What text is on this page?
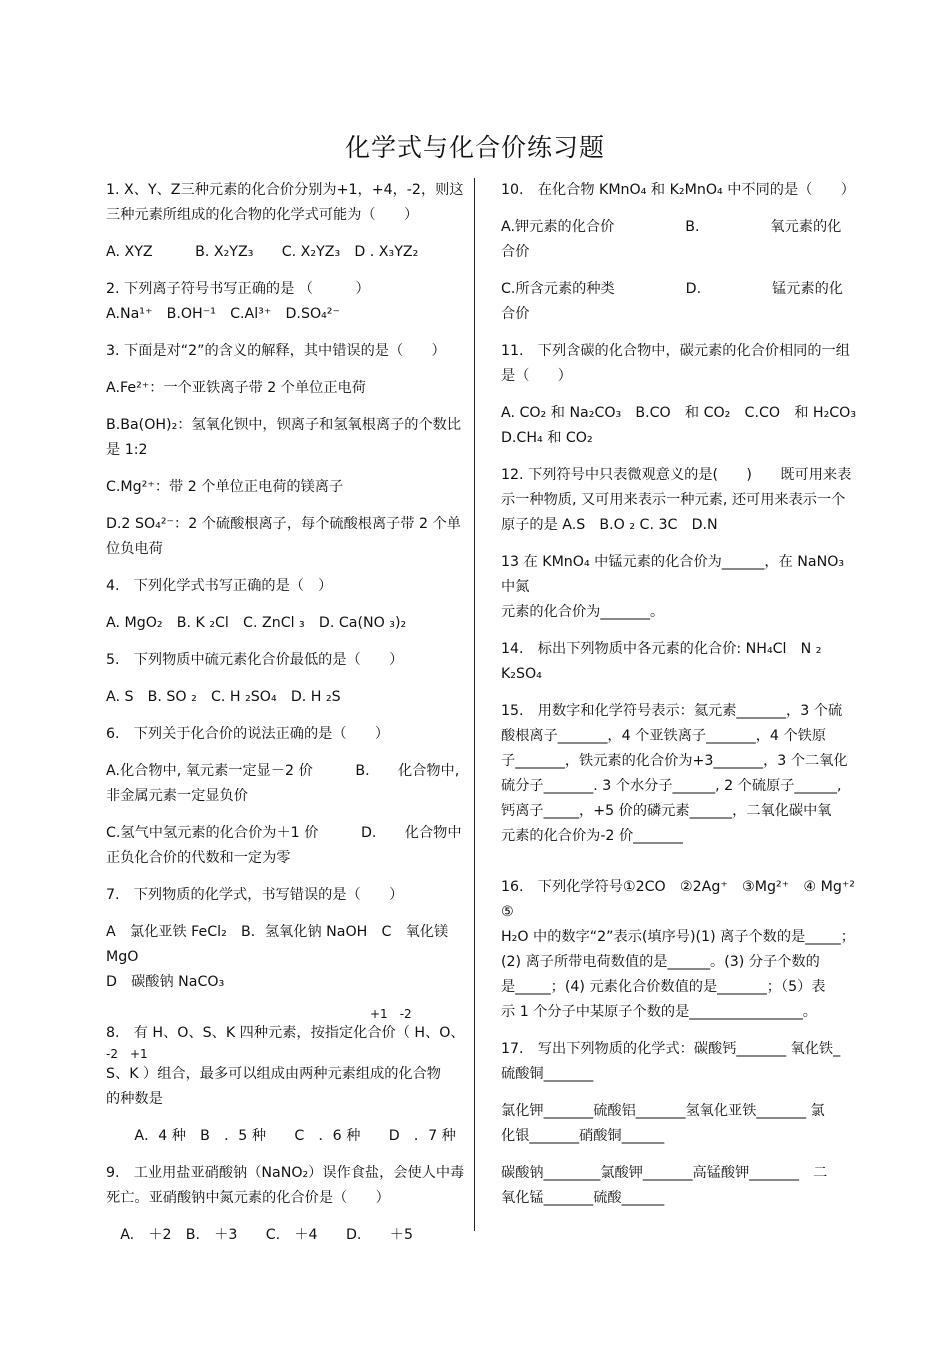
化学式与化合价练习题
1. X、Y、Z三种元素的化合价分别为+1，+4，-2，则这
三种元素所组成的化合物的化学式可能为（　　）
A. XYZ　　　B. X₂YZ₃　　C. X₂YZ₃　D . X₃YZ₂
2. 下列离子符号书写正确的是 （　　　）
A.Na¹⁺　B.OH⁻¹　C.Al³⁺　D.SO₄²⁻
3. 下面是对“2”的含义的解释，其中错误的是（　　）
A.Fe²⁺：一个亚铁离子带 2 个单位正电荷
B.Ba(OH)₂：氢氧化钡中，钡离子和氢氧根离子的个数比
是 1:2
C.Mg²⁺：带 2 个单位正电荷的镁离子
D.2 SO₄²⁻：2 个硫酸根离子，每个硫酸根离子带 2 个单
位负电荷
4.　下列化学式书写正确的是（　）
A. MgO₂　B. K ₂Cl　C. ZnCl ₃　D. Ca(NO ₃)₂
5.　下列物质中硫元素化合价最低的是（　　）
A. S　B. SO ₂　C. H ₂SO₄　D. H ₂S
6.　下列关于化合价的说法正确的是（　　）
A.化合物中, 氧元素一定显－2 价　　　B.　　化合物中,
非金属元素一定显负价
C.氢气中氢元素的化合价为＋1 价　　　D.　　化合物中
正负化合价的代数和一定为零
7.　下列物质的化学式，书写错误的是（　　）
A　氯化亚铁 FeCl₂　B．氢氧化钠 NaOH　C　氧化镁 MgO
D　碳酸钠 NaCO₃
　　　　　　　　　　　　　　　　　　　　　　+1　-2
8.　有 H、O、S、K 四种元素，按指定化合价（ H、O、
-2　+1
S、K ）组合，最多可以组成由两种元素组成的化合物
的种数是
　　A．4 种　B　．5 种　　C　．6 种　　D　．7 种
9.　工业用盐亚硝酸钠（NaNO₂）误作食盐，会使人中毒
死亡。亚硝酸钠中氮元素的化合价是（　　）
　A.　＋2　B.　＋3　　C.　＋4　　D.　　＋5
10.　在化合物 KMnO₄ 和 K₂MnO₄ 中不同的是（　　）
A.钾元素的化合价　　　　　B.　　　　　氧元素的化
合价
C.所含元素的种类　　　　　D.　　　　　锰元素的化
合价
11.　下列含碳的化合物中，碳元素的化合价相同的一组
是（　　）
A. CO₂ 和 Na₂CO₃　B.CO　和 CO₂　C.CO　和 H₂CO₃
D.CH₄ 和 CO₂
12. 下列符号中只表微观意义的是(　　)　　既可用来表
示一种物质, 又可用来表示一种元素, 还可用来表示一个
原子的是 A.S　B.O ₂ C. 3C　D.N
13 在 KMnO₄ 中锰元素的化合价为______，在 NaNO₃ 中氮
元素的化合价为_______。
14.　标出下列物质中各元素的化合价: NH₄Cl　N ₂
K₂SO₄
15.　用数字和化学符号表示：氦元素_______，3 个硫
酸根离子_______，4 个亚铁离子_______，4 个铁原
子_______，铁元素的化合价为+3_______，3 个二氧化
硫分子_______. 3 个水分子______, 2 个硫原子______,
钙离子_____，+5 价的磷元素______，二氧化碳中氧
元素的化合价为-2 价_______
16.　下列化学符号①2CO　②2Ag⁺　③Mg²⁺　④ Mg⁺²　⑤
H₂O 中的数字“2”表示(填序号)(1) 离子个数的是_____；
(2) 离子所带电荷数值的是______。(3) 分子个数的
是_____；(4) 元素化合价数值的是_______；（5）表
示 1 个分子中某原子个数的是________________。
17.　写出下列物质的化学式：碳酸钙_______ 氧化铁_
硫酸铜_______
氯化钾_______硫酸铝_______氢氧化亚铁_______ 氯
化银_______硝酸铜______
碳酸钠________氯酸钾_______高锰酸钾_______　二
氧化锰_______硫酸______
